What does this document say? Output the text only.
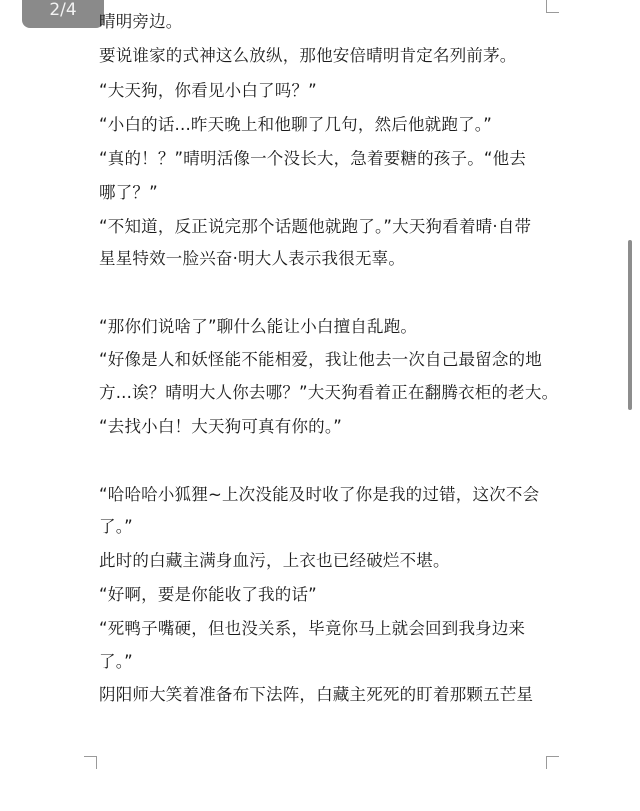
2/4
晴明旁边。
要说谁家的式神这么放纵，那他安倍晴明肯定名列前茅。
“大天狗，你看见小白了吗？”
“小白的话...昨天晚上和他聊了几句，然后他就跑了。”
“真的！？”晴明活像一个没长大，急着要糖的孩子。“他去
哪了？”
“不知道，反正说完那个话题他就跑了。”大天狗看着晴·自带
星星特效一脸兴奋·明大人表示我很无辜。
“那你们说啥了”聊什么能让小白擅自乱跑。
“好像是人和妖怪能不能相爱，我让他去一次自己最留念的地
方...诶？晴明大人你去哪？”大天狗看着正在翻腾衣柜的老大。
“去找小白！大天狗可真有你的。”
“哈哈哈小狐狸~上次没能及时收了你是我的过错，这次不会
了。”
此时的白藏主满身血污，上衣也已经破烂不堪。
“好啊，要是你能收了我的话”
“死鸭子嘴硬，但也没关系，毕竟你马上就会回到我身边来
了。”
阴阳师大笑着准备布下法阵，白藏主死死的盯着那颗五芒星
